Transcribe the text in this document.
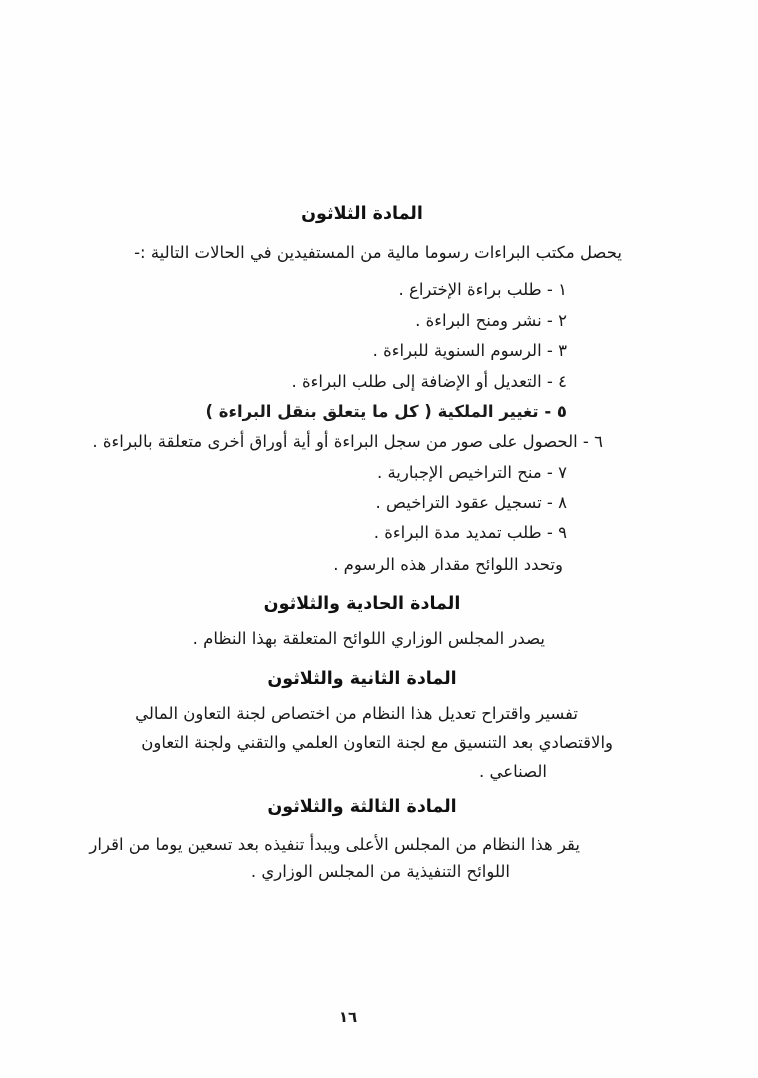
المادة الثلاثون
يحصل مكتب البراءات رسوما مالية من المستفيدين في الحالات التالية :-
١ - طلب براءة الإختراع .
٢ - نشر ومنح البراءة .
٣ - الرسوم السنوية للبراءة .
٤ - التعديل أو الإضافة إلى طلب البراءة .
٥ - تغيير الملكية ( كل ما يتعلق بنقل البراءة )
٦ - الحصول على صور من سجل البراءة أو أية أوراق أخرى متعلقة بالبراءة .
٧ - منح التراخيص الإجبارية .
٨ - تسجيل عقود التراخيص .
٩ - طلب تمديد مدة البراءة .
وتحدد اللوائح مقدار هذه الرسوم .
المادة الحادية والثلاثون
يصدر المجلس الوزاري اللوائح المتعلقة بهذا النظام .
المادة الثانية والثلاثون
تفسير واقتراح تعديل هذا النظام من اختصاص لجنة التعاون المالي
والاقتصادي بعد التنسيق مع لجنة التعاون العلمي والتقني ولجنة التعاون
الصناعي .
المادة الثالثة والثلاثون
يقر هذا النظام من المجلس الأعلى ويبدأ تنفيذه بعد تسعين يوما من اقرار
اللوائح التنفيذية من المجلس الوزاري .
١٦
